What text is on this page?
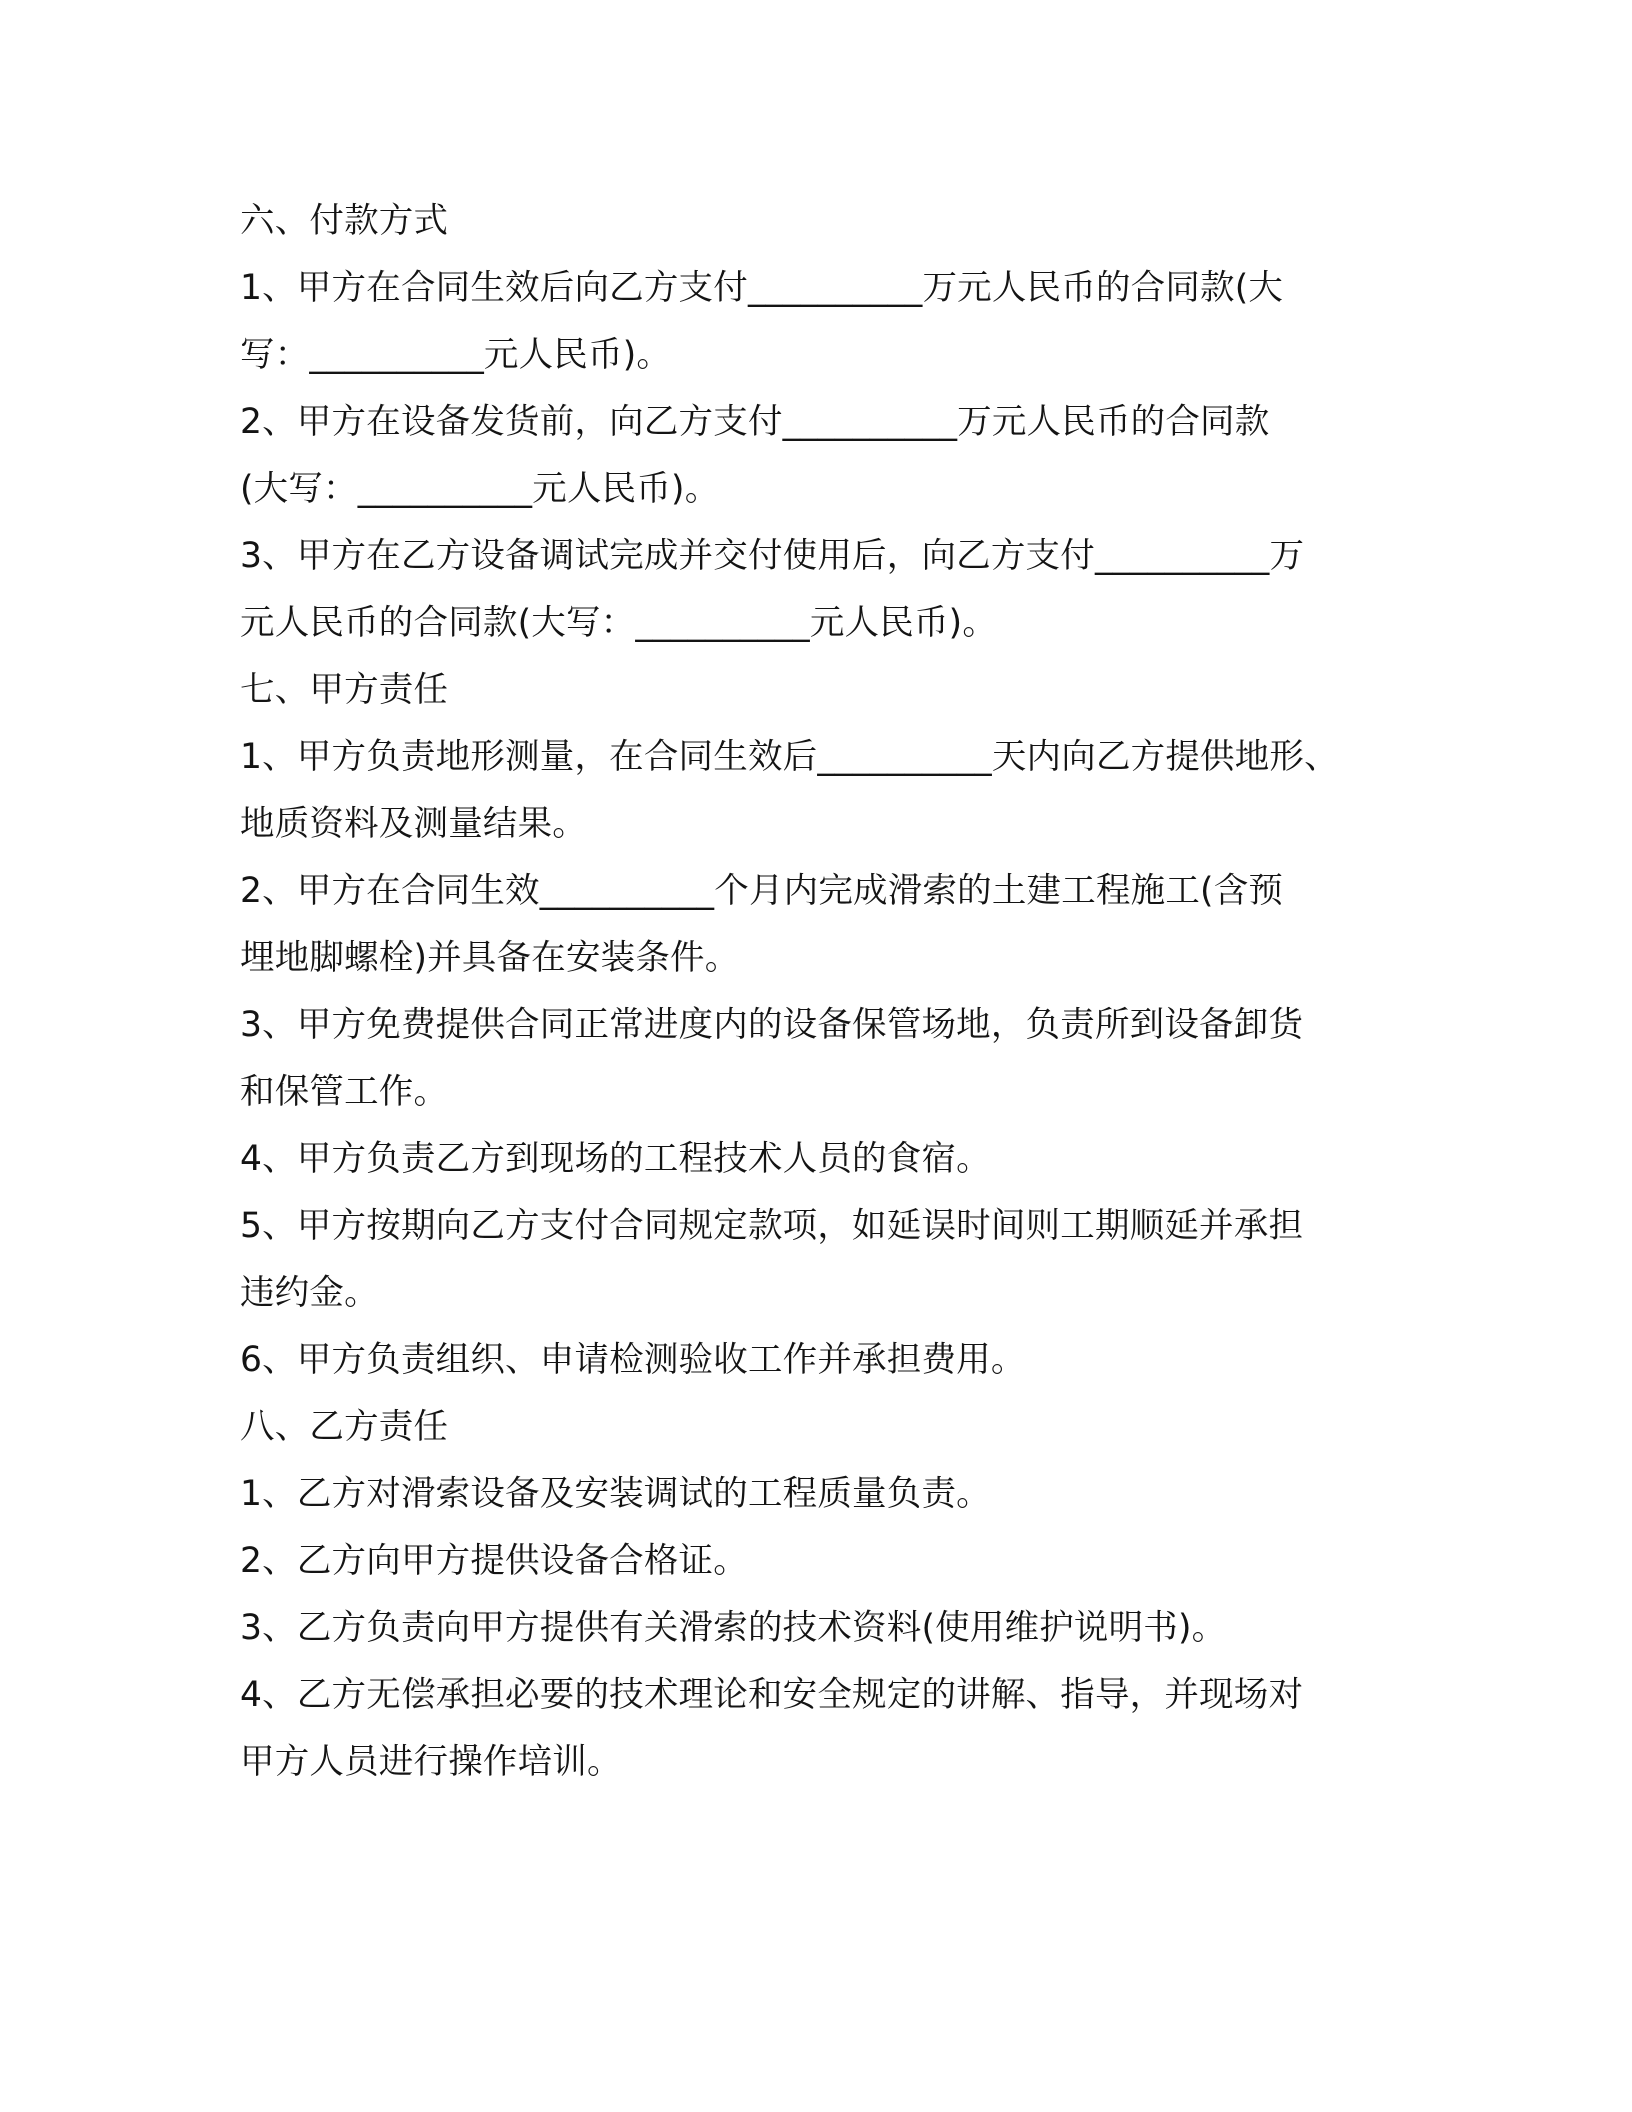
六、付款方式
1、甲方在合同生效后向乙方支付__________万元人民币的合同款(大
写：__________元人民币)。
2、甲方在设备发货前，向乙方支付__________万元人民币的合同款
(大写：__________元人民币)。
3、甲方在乙方设备调试完成并交付使用后，向乙方支付__________万
元人民币的合同款(大写：__________元人民币)。
七、甲方责任
1、甲方负责地形测量，在合同生效后__________天内向乙方提供地形、
地质资料及测量结果。
2、甲方在合同生效__________个月内完成滑索的土建工程施工(含预
埋地脚螺栓)并具备在安装条件。
3、甲方免费提供合同正常进度内的设备保管场地，负责所到设备卸货
和保管工作。
4、甲方负责乙方到现场的工程技术人员的食宿。
5、甲方按期向乙方支付合同规定款项，如延误时间则工期顺延并承担
违约金。
6、甲方负责组织、申请检测验收工作并承担费用。
八、乙方责任
1、乙方对滑索设备及安装调试的工程质量负责。
2、乙方向甲方提供设备合格证。
3、乙方负责向甲方提供有关滑索的技术资料(使用维护说明书)。
4、乙方无偿承担必要的技术理论和安全规定的讲解、指导，并现场对
甲方人员进行操作培训。
